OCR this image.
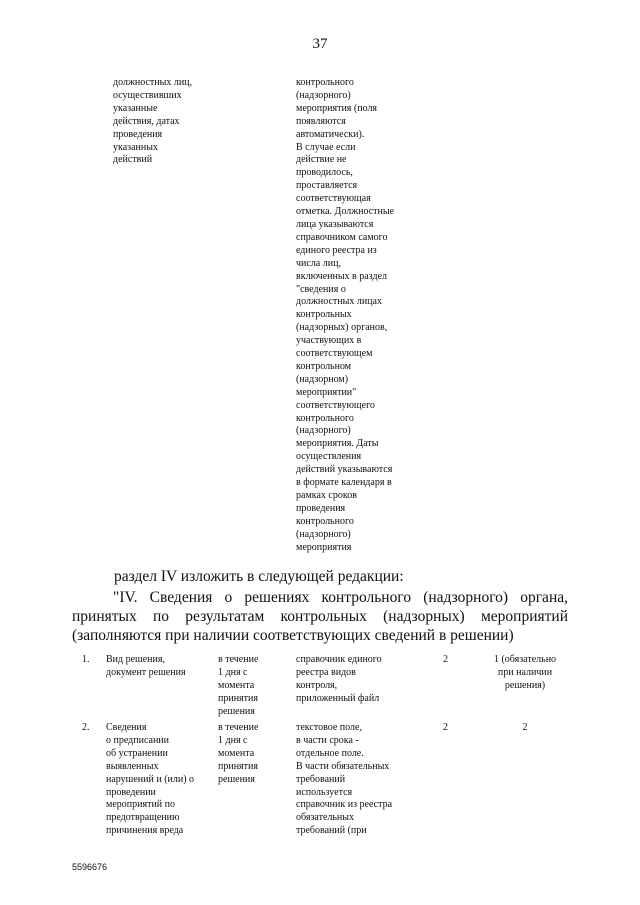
37
должностных лиц,
осуществивших
указанные
действия, датах
проведения
указанных
действий
контрольного
(надзорного)
мероприятия (поля
появляются
автоматически).
В случае если
действие не
проводилось,
проставляется
соответствующая
отметка. Должностные
лица указываются
справочником самого
единого реестра из
числа лиц,
включенных в раздел
"сведения о
должностных лицах
контрольных
(надзорных) органов,
участвующих в
соответствующем
контрольном
(надзорном)
мероприятии"
соответствующего
контрольного
(надзорного)
мероприятия. Даты
осуществления
действий указываются
в формате календаря в
рамках сроков
проведения
контрольного
(надзорного)
мероприятия
раздел IV изложить в следующей редакции:
"IV. Сведения о решениях контрольного (надзорного) органа,
принятых по результатам контрольных (надзорных) мероприятий
(заполняются при наличии соответствующих сведений в решении)
1. Вид решения,
документ решения
в течение
1 дня с
момента
принятия
решения
справочник единого
реестра видов
контроля,
приложенный файл
2	1 (обязательно
при наличии
решения)
2. Сведения
о предписании
об устранении
выявленных
нарушений и (или) о
проведении
мероприятий по
предотвращению
причинения вреда
в течение
1 дня с
момента
принятия
решения
текстовое поле,
в части срока -
отдельное поле.
В части обязательных
требований
используется
справочник из реестра
обязательных
требований (при
2	2
5596676
